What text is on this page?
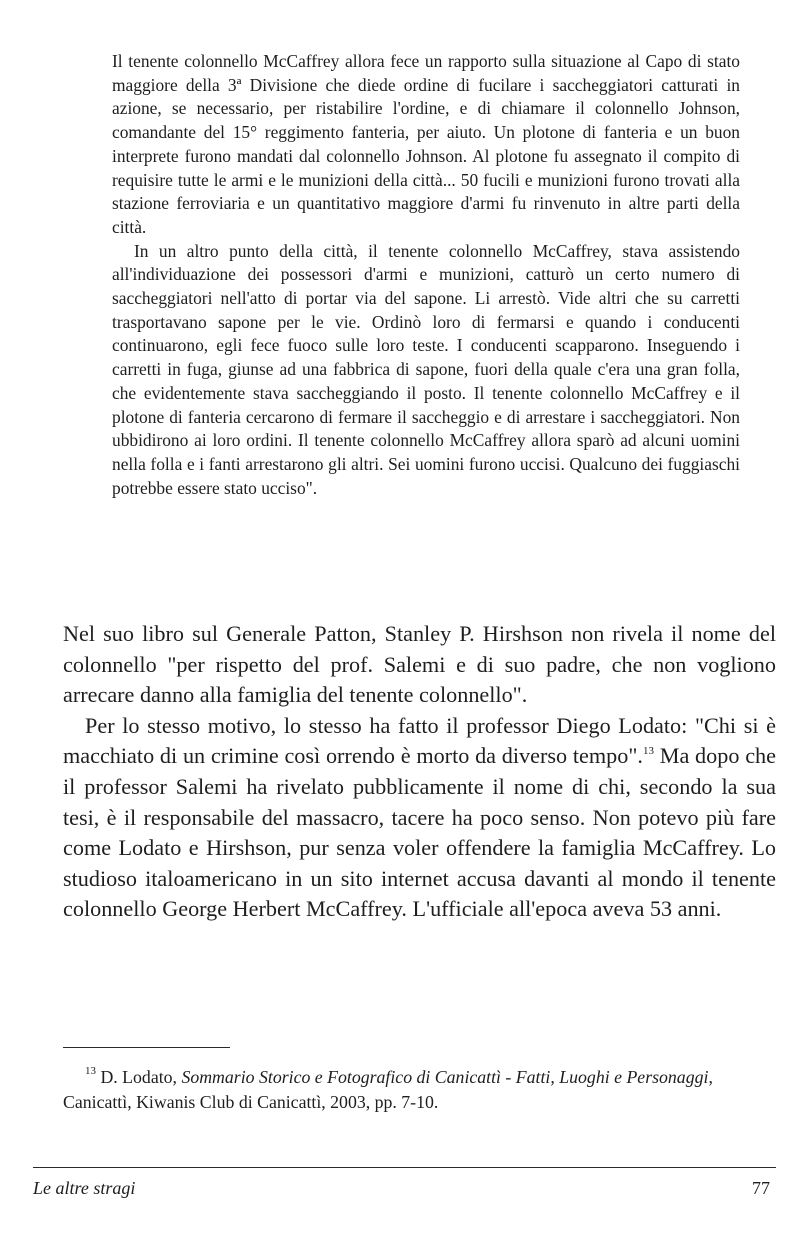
Il tenente colonnello McCaffrey allora fece un rapporto sulla situazione al Capo di stato maggiore della 3ª Divisione che diede ordine di fucilare i saccheggiatori catturati in azione, se necessario, per ristabilire l'ordine, e di chiamare il colonnello Johnson, comandante del 15° reggimento fanteria, per aiuto. Un plotone di fanteria e un buon interprete furono mandati dal colonnello Johnson. Al plotone fu assegnato il compito di requisire tutte le armi e le munizioni della città... 50 fucili e munizioni furono trovati alla stazione ferroviaria e un quantitativo maggiore d'armi fu rinvenuto in altre parti della città.

In un altro punto della città, il tenente colonnello McCaffrey, stava assistendo all'individuazione dei possessori d'armi e munizioni, catturò un certo numero di saccheggiatori nell'atto di portar via del sapone. Li arrestò. Vide altri che su carretti trasportavano sapone per le vie. Ordinò loro di fermarsi e quando i conducenti continuarono, egli fece fuoco sulle loro teste. I conducenti scapparono. Inseguendo i carretti in fuga, giunse ad una fabbrica di sapone, fuori della quale c'era una gran folla, che evidentemente stava saccheggiando il posto. Il tenente colonnello McCaffrey e il plotone di fanteria cercarono di fermare il saccheggio e di arrestare i saccheggiatori. Non ubbidirono ai loro ordini. Il tenente colonnello McCaffrey allora sparò ad alcuni uomini nella folla e i fanti arrestarono gli altri. Sei uomini furono uccisi. Qualcuno dei fuggiaschi potrebbe essere stato ucciso".

Nel suo libro sul Generale Patton, Stanley P. Hirshson non rivela il nome del colonnello "per rispetto del prof. Salemi e di suo padre, che non vogliono arrecare danno alla famiglia del tenente colonnello".

Per lo stesso motivo, lo stesso ha fatto il professor Diego Lodato: "Chi si è macchiato di un crimine così orrendo è morto da diverso tempo".$^{13}$ Ma dopo che il professor Salemi ha rivelato pubblicamente il nome di chi, secondo la sua tesi, è il responsabile del massacro, tacere ha poco senso. Non potevo più fare come Lodato e Hirshson, pur senza voler offendere la famiglia McCaffrey. Lo studioso italoamericano in un sito internet accusa davanti al mondo il tenente colonnello George Herbert McCaffrey. L'ufficiale all'epoca aveva 53 anni.

$^{13}$ D. Lodato, Sommario Storico e Fotografico di Canicattì - Fatti, Luoghi e Personaggi, Canicattì, Kiwanis Club di Canicattì, 2003, pp. 7-10.
Le altre stragi	77
